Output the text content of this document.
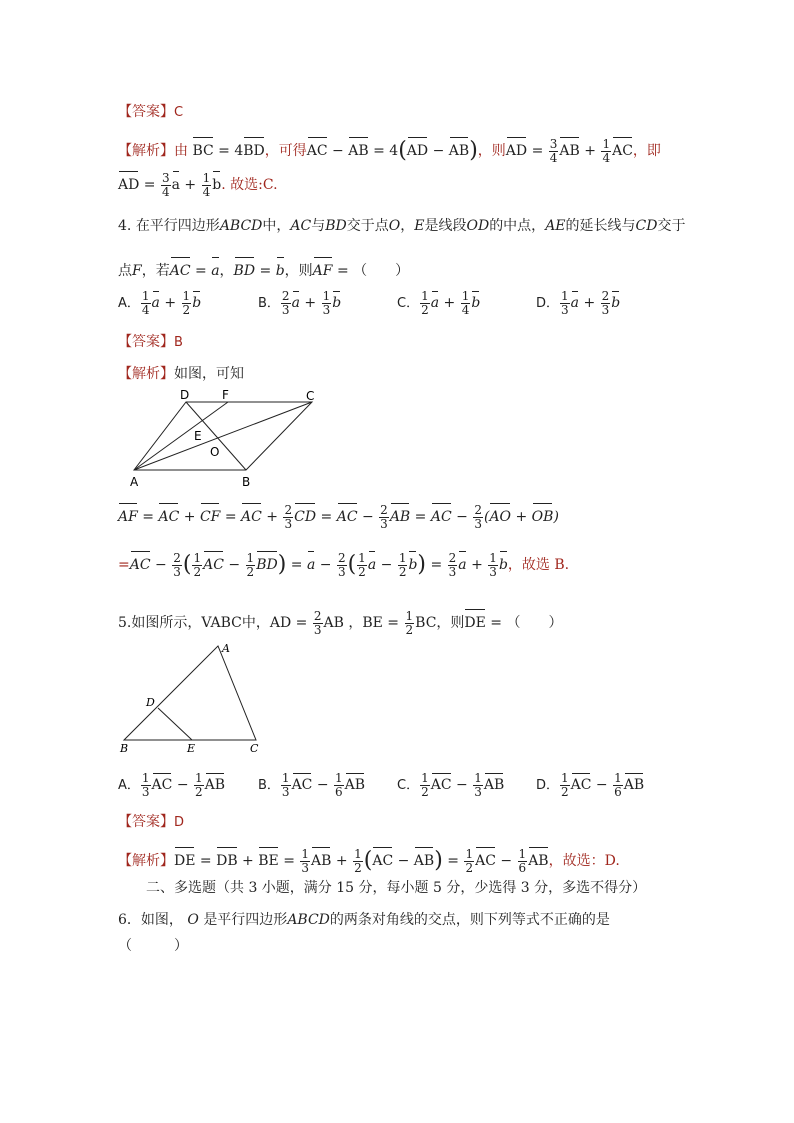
【答案】C
【解析】由 BC = 4BD，可得AC − AB = 4(AD − AB)，则AD = $\frac{3}{4}$ AB + $\frac{1}{4}$ AC，即
AD = $\frac{3}{4}$ $a + \frac{1}{4} b$. 故选:C.
4. 在平行四边形ABCD中，AC与BD交于点O，E是线段OD的中点，AE的延长线与CD交于
点F，若AC = a，BD = b，则AF = （　　）
A． $\frac{1}{4}$ $a + \frac{1}{2}$ b	B． $\frac{2}{3}$ $a + \frac{1}{3}$ b	C． $\frac{1}{2}$ $a + \frac{1}{4}$ b	D． $\frac{1}{3}$ $a + \frac{2}{3}$ b
【答案】B
【解析】如图，可知
A	B
C
D	F
E
O
AF = AC + CF = AC + $\frac{2}{3}$ CD = AC − $\frac{2}{3}$ AB = AC − $\frac{2}{3} (AO + OB)$
$=AC - \frac{2}{3}$ ( $\frac{1}{2}$ AC − $\frac{1}{2} BD) = a - \frac{2}{3}$ ( $\frac{1}{2}$ $a - \frac{1}{2} b) = \frac{2}{3}$ $a + \frac{1}{3}$ b，故选 B.
5.如图所示，VABC中，AD = $\frac{2}{3}$ AB ，BE = $\frac{1}{2}$ BC，则DE = （　　）
A
B	C
D
E
A． $\frac{1}{3}$ AC − $\frac{1}{2}$ AB	B． $\frac{1}{3}$ AC − $\frac{1}{6}$ AB C． $\frac{1}{2}$ AC − $\frac{1}{3}$ AB D． $\frac{1}{2}$ AC − $\frac{1}{6}$ AB
【答案】D
【解析】DE = DB + BE = $\frac{1}{3}$ AB + $\frac{1}{2} (AC - AB) = \frac{1}{2}$ AC − $\frac{1}{6}$ AB，故选：D.
二、多选题（共 3 小题，满分 15 分，每小题 5 分，少选得 3 分，多选不得分）
6．如图， O 是平行四边形ABCD的两条对角线的交点，则下列等式不正确的是
（　　　）
